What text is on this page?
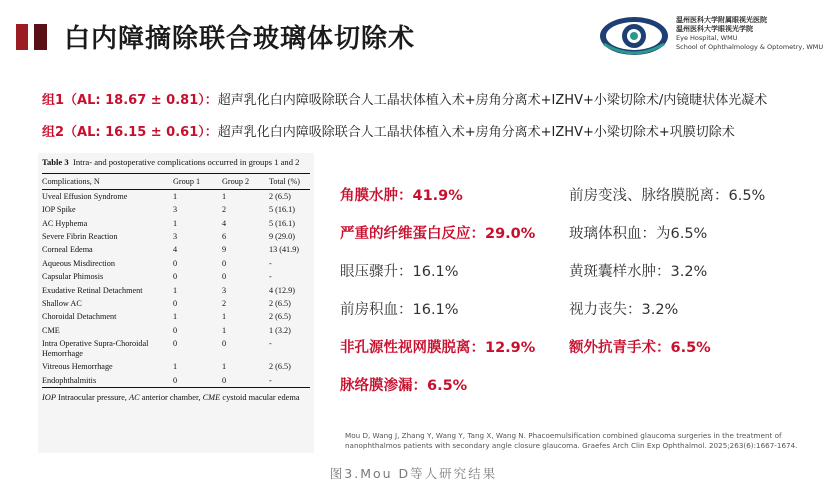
白内障摘除联合玻璃体切除术
温州医科大学附属眼视光医院
温州医科大学眼视光学院
Eye Hospital, WMU
School of Ophthalmology & Optometry, WMU
组1（AL: 18.67 ± 0.81）：超声乳化白内障吸除联合人工晶状体植入术+房角分离术+IZHV+小梁切除术/内镜睫状体光凝术
组2（AL: 16.15 ± 0.61）：超声乳化白内障吸除联合人工晶状体植入术+房角分离术+IZHV+小梁切除术+巩膜切除术
Table 3 Intra- and postoperative complications occurred in groups 1 and 2
Complications, N	Group 1	Group 2	Total (%)
Uveal Effusion Syndrome	1	1	2 (6.5)
IOP Spike	3	2	5 (16.1)
AC Hyphema	1	4	5 (16.1)
Severe Fibrin Reaction	3	6	9 (29.0)
Corneal Edema	4	9	13 (41.9)
Aqueous Misdirection	0	0	-
Capsular Phimosis	0	0	-
Exudative Retinal Detachment	1	3	4 (12.9)
Shallow AC	0	2	2 (6.5)
Choroidal Detachment	1	1	2 (6.5)
CME	0	1	1 (3.2)
Intra Operative Supra-Choroidal Hemorrhage	0	0	-
Vitreous Hemorrhage	1	1	2 (6.5)
Endophthalmitis	0	0	-
IOP Intraocular pressure, AC anterior chamber, CME cystoid macular edema
角膜水肿：41.9%
严重的纤维蛋白反应：29.0%
眼压骤升：16.1%
前房积血：16.1%
非孔源性视网膜脱离：12.9%
脉络膜渗漏：6.5%
前房变浅、脉络膜脱离：6.5%
玻璃体积血：为6.5%
黄斑囊样水肿：3.2%
视力丧失：3.2%
额外抗青手术：6.5%
Mou D, Wang J, Zhang Y, Wang Y, Tang X, Wang N. Phacoemulsification combined glaucoma surgeries in the treatment of nanophthalmos patients with secondary angle closure glaucoma. Graefes Arch Clin Exp Ophthalmol. 2025;263(6):1667-1674.
图3.Mou D等人研究结果
